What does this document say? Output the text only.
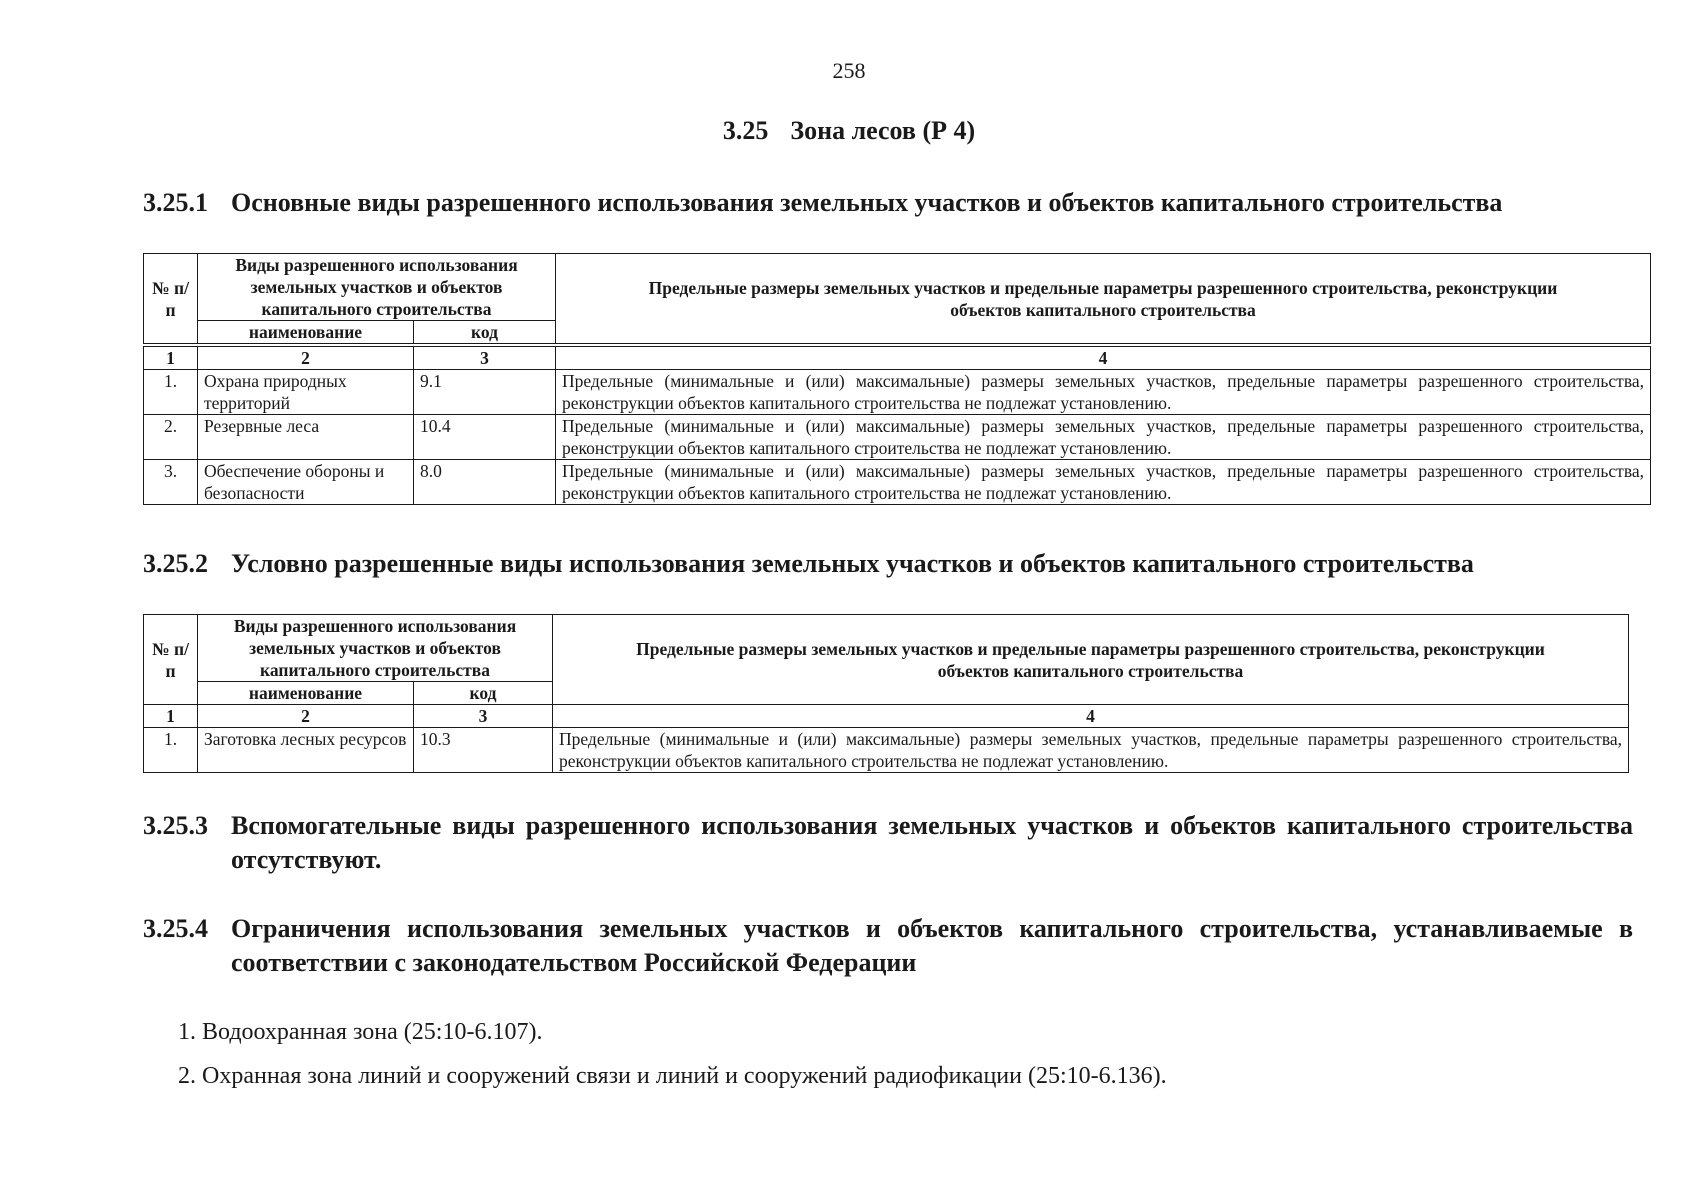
258
3.25 Зона лесов (Р 4)
3.25.1 Основные виды разрешенного использования земельных участков и объектов капитального строительства
№ п/п	Виды разрешенного использования земельных участков и объектов капитального строительства		Предельные размеры земельных участков и предельные параметры разрешенного строительства, реконструкции объектов капитального строительства
	наименование	код	

1	2	3	4
1.	Охрана природных территорий	9.1	Предельные (минимальные и (или) максимальные) размеры земельных участков, предельные параметры разрешенного строительства, реконструкции объектов капитального строительства не подлежат установлению.
2.	Резервные леса	10.4	Предельные (минимальные и (или) максимальные) размеры земельных участков, предельные параметры разрешенного строительства, реконструкции объектов капитального строительства не подлежат установлению.
3.	Обеспечение обороны и безопасности	8.0	Предельные (минимальные и (или) максимальные) размеры земельных участков, предельные параметры разрешенного строительства, реконструкции объектов капитального строительства не подлежат установлению.
3.25.2 Условно разрешенные виды использования земельных участков и объектов капитального строительства
№ п/п	Виды разрешенного использования земельных участков и объектов капитального строительства		Предельные размеры земельных участков и предельные параметры разрешенного строительства, реконструкции объектов капитального строительства
	наименование	код	
1	2	3	4
1.	Заготовка лесных ресурсов	10.3	Предельные (минимальные и (или) максимальные) размеры земельных участков, предельные параметры разрешенного строительства, реконструкции объектов капитального строительства не подлежат установлению.
3.25.3 Вспомогательные виды разрешенного использования земельных участков и объектов капитального строительства отсутствуют.
3.25.4 Ограничения использования земельных участков и объектов капитального строительства, устанавливаемые в соответствии с законодательством Российской Федерации
1. Водоохранная зона (25:10-6.107).
2. Охранная зона линий и сооружений связи и линий и сооружений радиофикации (25:10-6.136).
